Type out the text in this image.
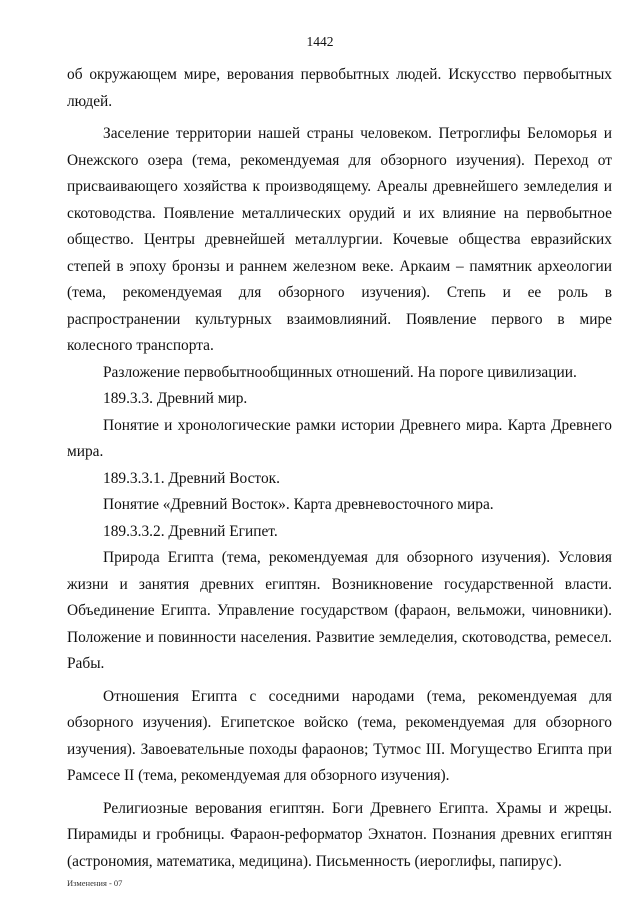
1442

об окружающем мире, верования первобытных людей. Искусство первобытных людей.

Заселение территории нашей страны человеком. Петроглифы Беломорья и Онежского озера (тема, рекомендуемая для обзорного изучения). Переход от присваивающего хозяйства к производящему. Ареалы древнейшего земледелия и скотоводства. Появление металлических орудий и их влияние на первобытное общество. Центры древнейшей металлургии. Кочевые общества евразийских степей в эпоху бронзы и раннем железном веке. Аркаим – памятник археологии (тема, рекомендуемая для обзорного изучения). Степь и ее роль в распространении культурных взаимовлияний. Появление первого в мире колесного транспорта.

Разложение первобытнообщинных отношений. На пороге цивилизации.

189.3.3. Древний мир.

Понятие и хронологические рамки истории Древнего мира. Карта Древнего мира.

189.3.3.1. Древний Восток.

Понятие «Древний Восток». Карта древневосточного мира.

189.3.3.2. Древний Египет.

Природа Египта (тема, рекомендуемая для обзорного изучения). Условия жизни и занятия древних египтян. Возникновение государственной власти. Объединение Египта. Управление государством (фараон, вельможи, чиновники). Положение и повинности населения. Развитие земледелия, скотоводства, ремесел. Рабы.

Отношения Египта с соседними народами (тема, рекомендуемая для обзорного изучения). Египетское войско (тема, рекомендуемая для обзорного изучения). Завоевательные походы фараонов; Тутмос III. Могущество Египта при Рамсесе II (тема, рекомендуемая для обзорного изучения).

Религиозные верования египтян. Боги Древнего Египта. Храмы и жрецы. Пирамиды и гробницы. Фараон-реформатор Эхнатон. Познания древних египтян (астрономия, математика, медицина). Письменность (иероглифы, папирус).

Изменения - 07
